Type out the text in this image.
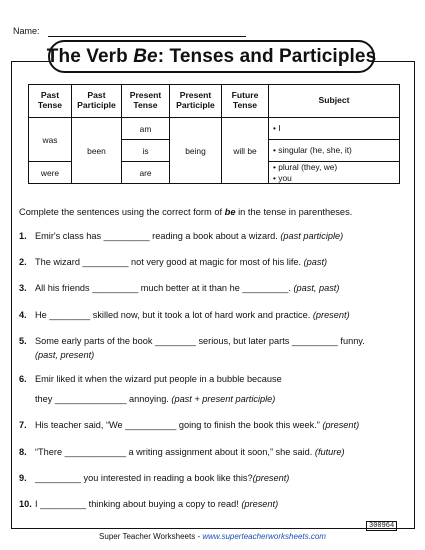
Name:
The Verb Be : Tenses and Participles
Past Tense	Past Participle	Present Tense	Present Participle	Future Tense	Subject
was	been	am	being	will be	• I
		is			• singular (he, she, it)
were		are			• plural (they, we)
• you

Complete the sentences using the correct form of be in the tense in parentheses.
1. Emir's class has _________ reading a book about a wizard. (past participle)
2. The wizard _________ not very good at magic for most of his life. (past)
3. All his friends _________ much better at it than he _________. (past, past)
4. He ________ skilled now, but it took a lot of hard work and practice. (present)
5. Some early parts of the book ________ serious, but later parts _________ funny.
(past, present)
6. Emir liked it when the wizard put people in a bubble because
they ______________ annoying. (past + present participle)
7. His teacher said, “We __________ going to finish the book this week.” (present)
8. “There ____________ a writing assignment about it soon,” she said. (future)
9. _________ you interested in reading a book like this?(present)
10. I _________ thinking about buying a copy to read! (present)
300964
Super Teacher Worksheets - www.superteacherworksheets.com
